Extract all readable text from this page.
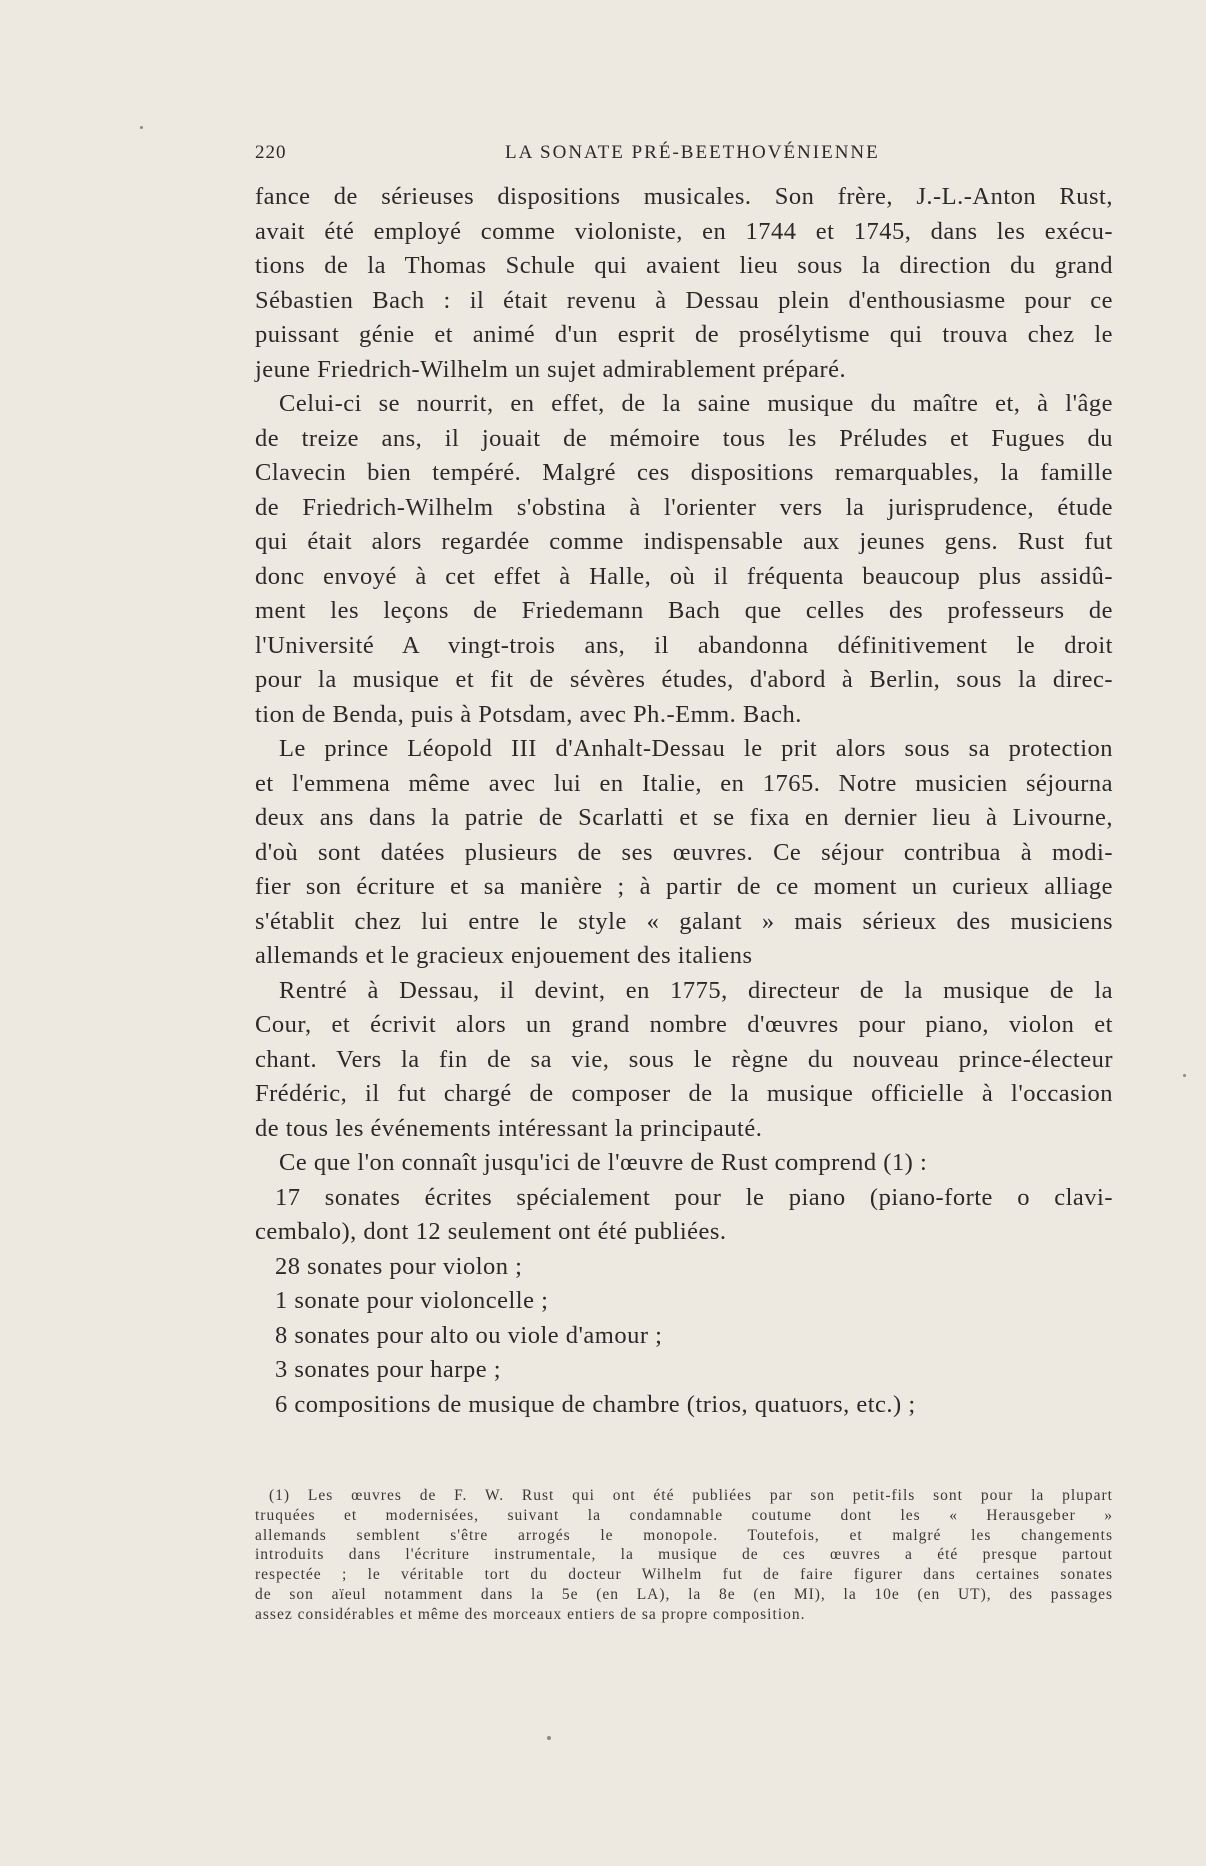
220	LA SONATE PRÉ-BEETHOVÉNIENNE
fance de sérieuses dispositions musicales. Son frère, J.-L.-Anton Rust,
avait été employé comme violoniste, en 1744 et 1745, dans les exécu-
tions de la Thomas Schule qui avaient lieu sous la direction du grand
Sébastien Bach : il était revenu à Dessau plein d'enthousiasme pour ce
puissant génie et animé d'un esprit de prosélytisme qui trouva chez le
jeune Friedrich-Wilhelm un sujet admirablement préparé.
Celui-ci se nourrit, en effet, de la saine musique du maître et, à l'âge
de treize ans, il jouait de mémoire tous les Préludes et Fugues du
Clavecin bien tempéré. Malgré ces dispositions remarquables, la famille
de Friedrich-Wilhelm s'obstina à l'orienter vers la jurisprudence, étude
qui était alors regardée comme indispensable aux jeunes gens. Rust fut
donc envoyé à cet effet à Halle, où il fréquenta beaucoup plus assidû-
ment les leçons de Friedemann Bach que celles des professeurs de
l'Université A vingt-trois ans, il abandonna définitivement le droit
pour la musique et fit de sévères études, d'abord à Berlin, sous la direc-
tion de Benda, puis à Potsdam, avec Ph.-Emm. Bach.
Le prince Léopold III d'Anhalt-Dessau le prit alors sous sa protection
et l'emmena même avec lui en Italie, en 1765. Notre musicien séjourna
deux ans dans la patrie de Scarlatti et se fixa en dernier lieu à Livourne,
d'où sont datées plusieurs de ses œuvres. Ce séjour contribua à modi-
fier son écriture et sa manière ; à partir de ce moment un curieux alliage
s'établit chez lui entre le style « galant » mais sérieux des musiciens
allemands et le gracieux enjouement des italiens
Rentré à Dessau, il devint, en 1775, directeur de la musique de la
Cour, et écrivit alors un grand nombre d'œuvres pour piano, violon et
chant. Vers la fin de sa vie, sous le règne du nouveau prince-électeur
Frédéric, il fut chargé de composer de la musique officielle à l'occasion
de tous les événements intéressant la principauté.
Ce que l'on connaît jusqu'ici de l'œuvre de Rust comprend (1) :
17 sonates écrites spécialement pour le piano (piano-forte o clavi-
cembalo), dont 12 seulement ont été publiées.
28 sonates pour violon ;
1 sonate pour violoncelle ;
8 sonates pour alto ou viole d'amour ;
3 sonates pour harpe ;
6 compositions de musique de chambre (trios, quatuors, etc.) ;
(1) Les œuvres de F. W. Rust qui ont été publiées par son petit-fils sont pour la plupart
truquées et modernisées, suivant la condamnable coutume dont les « Herausgeber »
allemands semblent s'être arrogés le monopole. Toutefois, et malgré les changements
introduits dans l'écriture instrumentale, la musique de ces œuvres a été presque partout
respectée ; le véritable tort du docteur Wilhelm fut de faire figurer dans certaines sonates
de son aïeul notamment dans la 5e (en LA), la 8e (en MI), la 10e (en UT), des passages
assez considérables et même des morceaux entiers de sa propre composition.
